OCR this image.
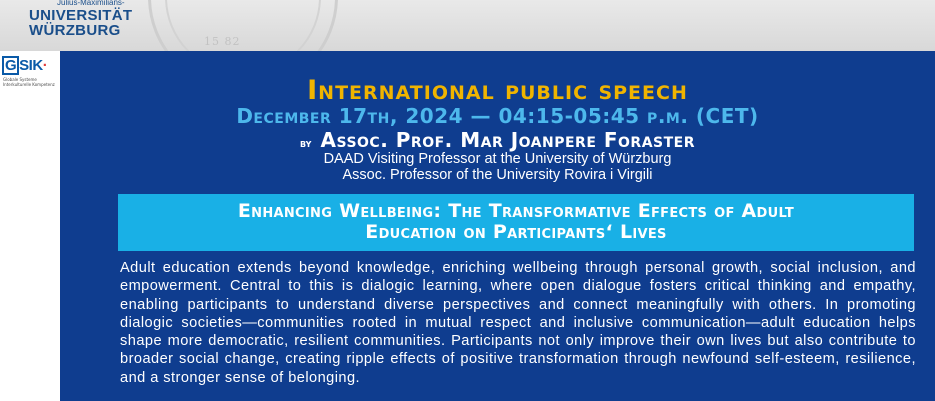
15 82
Julius-Maximilians-
UNIVERSITÄT
WÜRZBURG
G SIK·
Globale Systeme Interkulturelle Kompetenz	International public speech
December 17th, 2024 — 04:15-05:45 p.m. (CET)
by Assoc. Prof. Mar Joanpere Foraster
DAAD Visiting Professor at the University of Würzburg
Assoc. Professor of the University Rovira i Virgili
Enhancing Wellbeing: The Transformative Effects of Adult
Education on Participants‘ Lives
Adult education extends beyond knowledge, enriching wellbeing through personal growth, social inclusion, and empowerment. Central to this is dialogic learning, where open dialogue fosters critical thinking and empathy, enabling participants to understand diverse perspectives and connect meaningfully with others. In promoting dialogic societies—communities rooted in mutual respect and inclusive communication—adult education helps shape more democratic, resilient communities. Participants not only improve their own lives but also contribute to broader social change, creating ripple effects of positive transformation through newfound self-esteem, resilience, and a stronger sense of belonging.
